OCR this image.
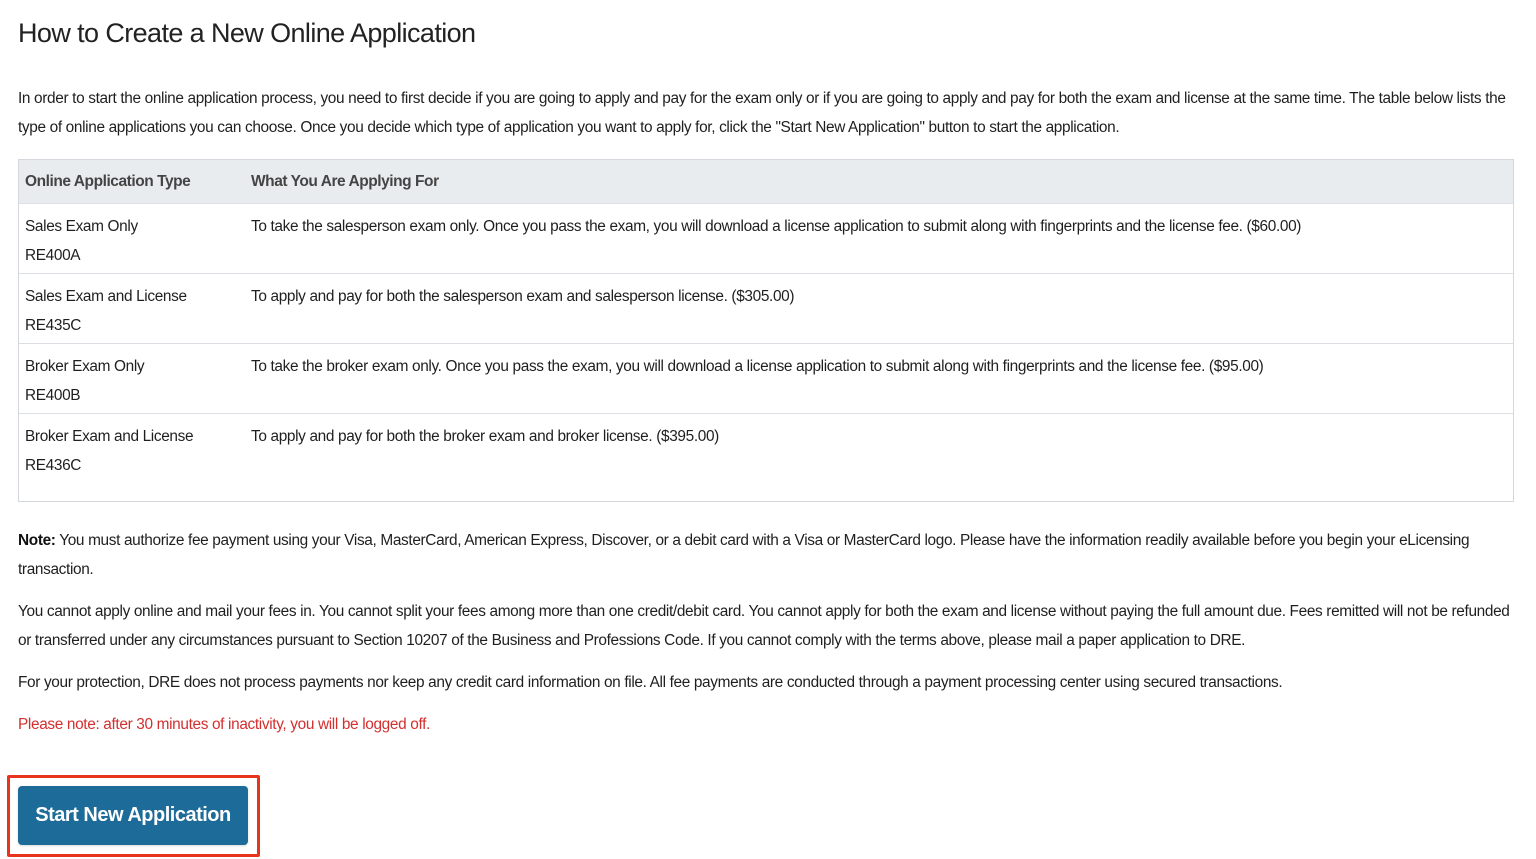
How to Create a New Online Application

In order to start the online application process, you need to first decide if you are going to apply and pay for the exam only or if you are going to apply and pay for both the exam and license at the same time. The table below lists the type of online applications you can choose. Once you decide which type of application you want to apply for, click the "Start New Application" button to start the application.

Online Application Type	What You Are Applying For

Sales Exam Only
RE400A	To take the salesperson exam only. Once you pass the exam, you will download a license application to submit along with fingerprints and the license fee. ($60.00)

Sales Exam and License
RE435C	To apply and pay for both the salesperson exam and salesperson license. ($305.00)

Broker Exam Only
RE400B	To take the broker exam only. Once you pass the exam, you will download a license application to submit along with fingerprints and the license fee. ($95.00)

Broker Exam and License
RE436C	To apply and pay for both the broker exam and broker license. ($395.00)

Note: You must authorize fee payment using your Visa, MasterCard, American Express, Discover, or a debit card with a Visa or MasterCard logo. Please have the information readily available before you begin your eLicensing transaction.

You cannot apply online and mail your fees in. You cannot split your fees among more than one credit/debit card. You cannot apply for both the exam and license without paying the full amount due. Fees remitted will not be refunded or transferred under any circumstances pursuant to Section 10207 of the Business and Professions Code. If you cannot comply with the terms above, please mail a paper application to DRE.

For your protection, DRE does not process payments nor keep any credit card information on file. All fee payments are conducted through a payment processing center using secured transactions.

Please note: after 30 minutes of inactivity, you will be logged off.

Start New Application
